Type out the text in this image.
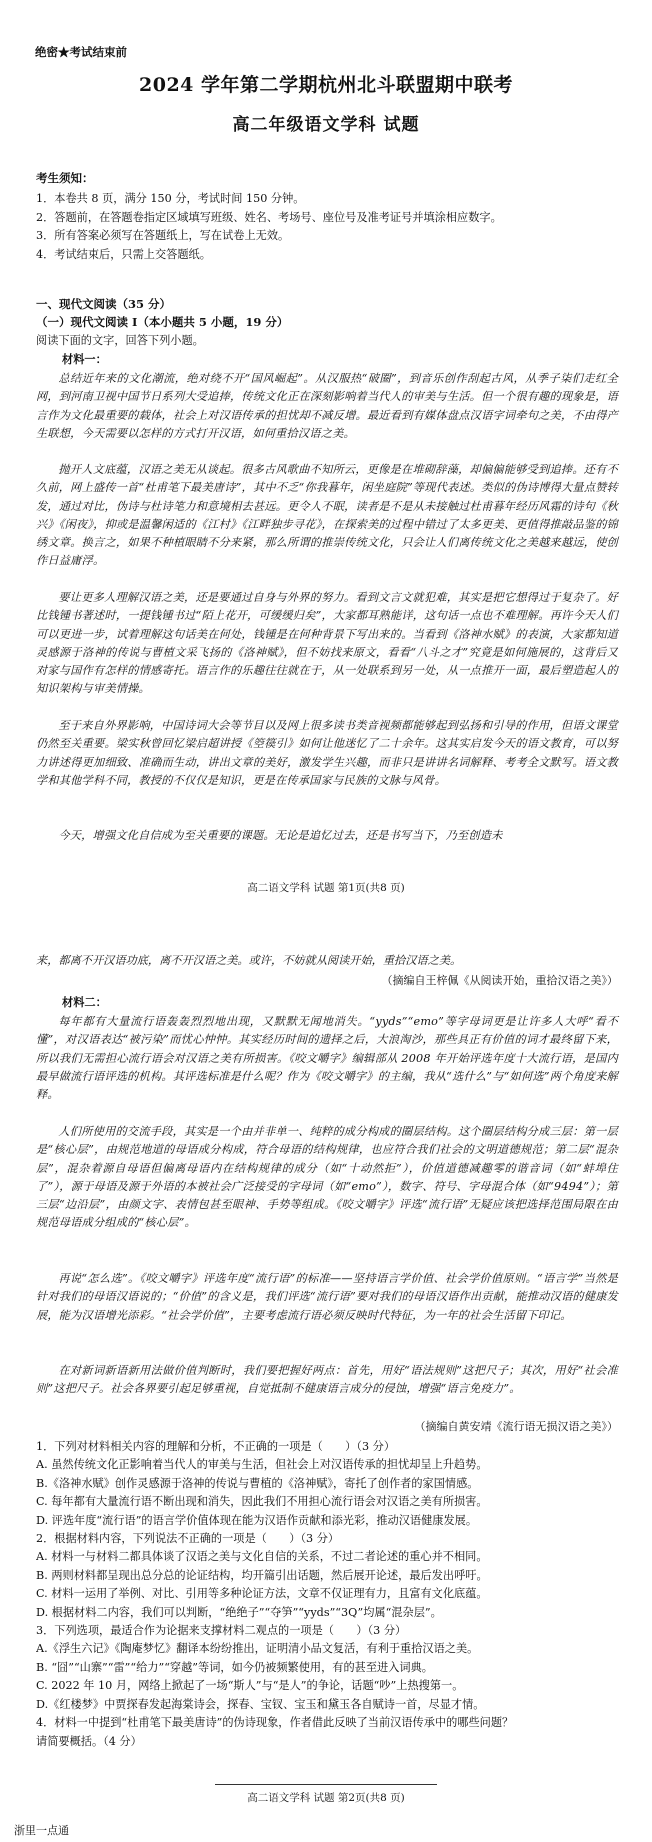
绝密★考试结束前
2024 学年第二学期杭州北斗联盟期中联考
高二年级语文学科 试题
考生须知：
1．本卷共 8 页，满分 150 分，考试时间 150 分钟。
2．答题前，在答题卷指定区域填写班级、姓名、考场号、座位号及准考证号并填涂相应数字。
3．所有答案必须写在答题纸上，写在试卷上无效。
4．考试结束后，只需上交答题纸。
一、现代文阅读（35 分）
（一）现代文阅读 I（本小题共 5 小题，19 分）
阅读下面的文字，回答下列小题。
材料一：

总结近年来的文化潮流，绝对绕不开“国风崛起”。从汉服热“破圈”，到音乐创作刮起古风，从季子柒们走红全网，到河南卫视中国节日系列大受追捧，传统文化正在深刻影响着当代人的审美与生活。但一个很有趣的现象是，语言作为文化最重要的载体，社会上对汉语传承的担忧却不减反增。最近看到有媒体盘点汉语字词牵句之美，不由得产生联想，今天需要以怎样的方式打开汉语，如何重拾汉语之美。

抛开人文底蕴，汉语之美无从谈起。很多古风歌曲不知所云，更像是在堆砌辞藻，却偏偏能够受到追捧。还有不久前，网上盛传一首“杜甫笔下最美唐诗”，其中不乏“你我暮年，闲坐庭院”等现代表述。类似的伪诗博得大量点赞转发，通过对比，伪诗与杜诗笔力和意境相去甚远。更令人不眠，读者是不是从未接触过杜甫暮年经历风霜的诗句《秋兴》《闲夜》，抑或是温馨闲适的《江村》《江畔独步寻花》，在探索美的过程中错过了太多更美、更值得推敲品鉴的锦绣文章。换言之，如果不种植眼睛不分来紧，那么所谓的推崇传统文化，只会让人们离传统文化之美越来越远，使创作日益庸浮。

要让更多人理解汉语之美，还是要通过自身与外界的努力。看到文言文就犯难，其实是把它想得过于复杂了。好比钱锺书著述时，一提钱锺书过“陌上花开，可缓缓归矣”，大家都耳熟能详，这句话一点也不难理解。再许今天人们可以更进一步，试着理解这句话美在何处，钱锺是在何种背景下写出来的。当看到《洛神水赋》的表演，大家都知道灵感源于洛神的传说与曹植文采飞扬的《洛神赋》，但不妨找来原文，看看“八斗之才”究竟是如何施展的，这背后又对家与国作有怎样的情感寄托。语言作的乐趣往往就在于，从一处联系到另一处，从一点推开一面，最后塑造起人的知识架构与审美情操。

至于来自外界影响，中国诗词大会等节目以及网上很多读书类音视频都能够起到弘扬和引导的作用，但语文课堂仍然至关重要。梁实秋曾回忆梁启超讲授《箜篌引》如何让他迷忆了二十余年。这其实启发今天的语文教育，可以努力讲述得更加细致、准确而生动，讲出文章的美好，激发学生兴趣，而非只是讲讲名词解释、考考全文默写。语文教学和其他学科不同，教授的不仅仅是知识，更是在传承国家与民族的文脉与风骨。

今天，增强文化自信成为至关重要的课题。无论是追忆过去，还是书写当下，乃至创造未

高二语文学科 试题 第1页(共8 页)
来，都离不开汉语功底，离不开汉语之美。或许，不妨就从阅读开始，重拾汉语之美。
（摘编自王梓佩《从阅读开始，重拾汉语之美》）
材料二：

每年都有大量流行语轰轰烈烈地出现，又默默无闻地消失。“yyds”“emo”等字母词更是让许多人大呼“看不懂”，对汉语表达“被污染”而忧心忡忡。其实经历时间的遗择之后，大浪淘沙，那些具正有价值的词才最终留下来，所以我们无需担心流行语会对汉语之美有所损害。《咬文嚼字》编辑部从 2008 年开始评选年度十大流行语，是国内最早做流行语评选的机构。其评选标准是什么呢？作为《咬文嚼字》的主编，我从“选什么”与“如何选”两个角度来解释。

人们所使用的交流手段，其实是一个由并非单一、纯粹的成分构成的圈层结构。这个圈层结构分成三层：第一层是“核心层”，由规范地道的母语成分构成，符合母语的结构规律，也应符合我们社会的文明道德规范；第二层“混杂层”，混杂着源自母语但偏离母语内在结构规律的成分（如“十动然拒”），价值道德减趣零的谐音词（如“蚌埠住了”），源于母语及源于外语的本被社会广泛接受的字母词（如“emo”），数字、符号、字母混合体（如“9494”）；第三层“边沿层”，由颜文字、表情包甚至眼神、手势等组成。《咬文嚼字》评选“流行语”无疑应该把选择范围局限在由规范母语成分组成的“核心层”。

再说“怎么选”。《咬文嚼字》评选年度“流行语”的标准——坚持语言学价值、社会学价值原则。“语言学”当然是针对我们的母语汉语说的；“价值”的含义是，我们评选“流行语”要对我们的母语汉语作出贡献，能推动汉语的健康发展，能为汉语增光添彩。“社会学价值”，主要考虑流行语必须反映时代特征，为一年的社会生活留下印记。

在对新词新语新用法做价值判断时，我们要把握好两点：首先，用好“语法规则”这把尺子；其次，用好“社会准则”这把尺子。社会各界要引起足够重视，自觉抵制不健康语言成分的侵蚀，增强“语言免疫力”。

（摘编自黄安靖《流行语无损汉语之美》）
1．下列对材料相关内容的理解和分析，不正确的一项是（　　）（3 分）
A. 虽然传统文化正影响着当代人的审美与生活，但社会上对汉语传承的担忧却呈上升趋势。
B.《洛神水赋》创作灵感源于洛神的传说与曹植的《洛神赋》，寄托了创作者的家国情感。
C. 每年都有大量流行语不断出现和消失，因此我们不用担心流行语会对汉语之美有所损害。
D. 评选年度“流行语”的语言学价值体现在能为汉语作贡献和添光彩，推动汉语健康发展。
2．根据材料内容，下列说法不正确的一项是（　　）（3 分）
A. 材料一与材料二都具体谈了汉语之美与文化自信的关系，不过二者论述的重心并不相同。
B. 两则材料都呈现出总分总的论证结构，均开篇引出话题，然后展开论述，最后发出呼吁。
C. 材料一运用了举例、对比、引用等多种论证方法，文章不仅证理有力，且富有文化底蕴。
D. 根据材料二内容，我们可以判断，“绝绝子”“夺笋”“yyds”“3Q”均属“混杂层”。
3．下列选项，最适合作为论据来支撑材料二观点的一项是（　　）（3 分）
A.《浮生六记》《陶庵梦忆》翻译本纷纷推出，证明清小品文复活，有利于重拾汉语之美。
B. “囧”“山寨”“雷”“给力”“穿越”等词，如今仍被频繁使用，有的甚至进入词典。
C. 2022 年 10 月，网络上掀起了一场“斯人”与“是人”的争论，话题“吵”上热搜第一。
D.《红楼梦》中贾探春发起海棠诗会，探春、宝钗、宝玉和黛玉各自赋诗一首，尽显才情。
4．材料一中提到“杜甫笔下最美唐诗”的伪诗现象，作者借此反映了当前汉语传承中的哪些问题？
请简要概括。（4 分）
高二语文学科 试题 第2页(共8 页)
浙里一点通
